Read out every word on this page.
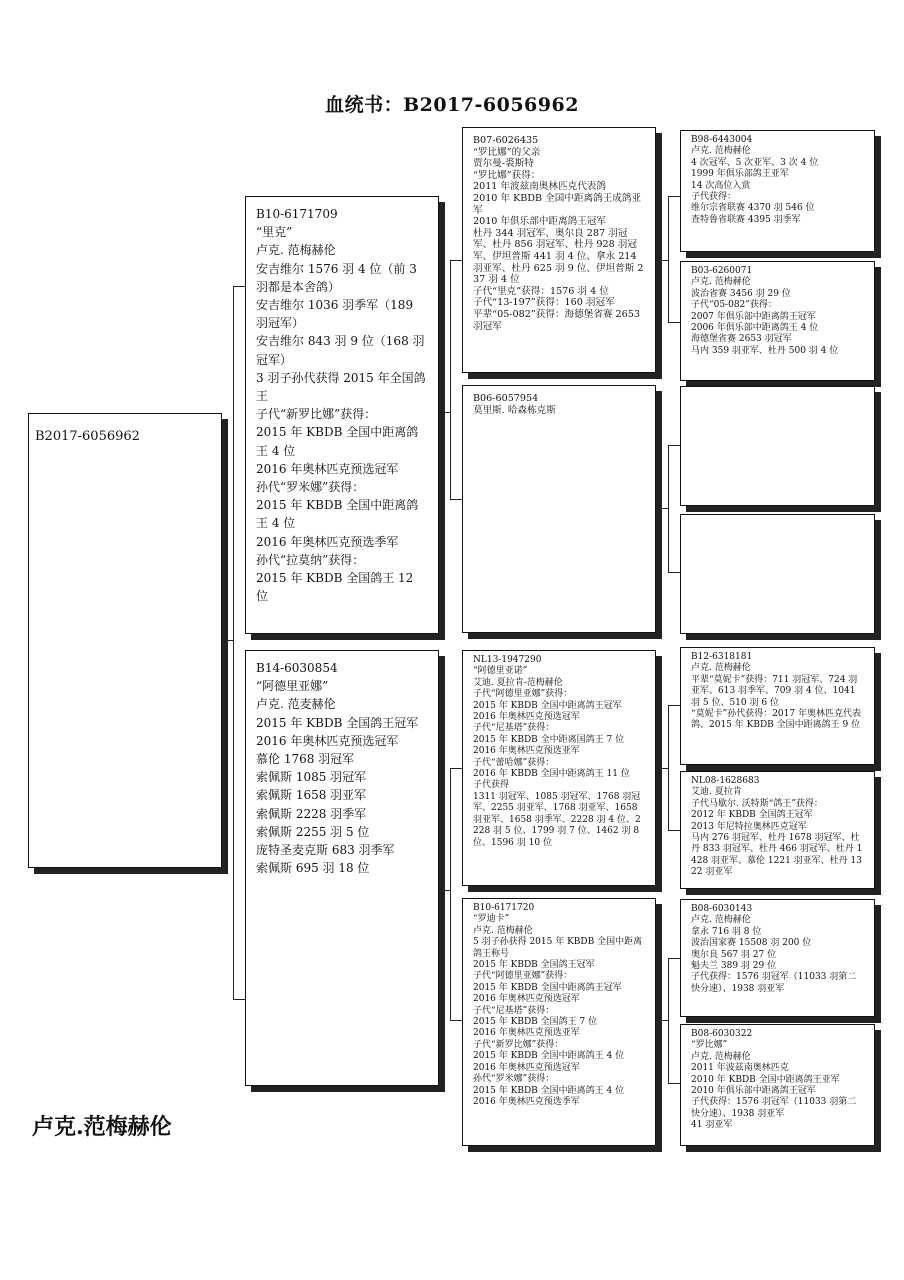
血统书：B2017-6056962
B2017-6056962
B10-6171709
“里克”
卢克. 范梅赫伦
安吉维尔 1576 羽 4 位（前 3 羽都是本舍鸽）
安吉维尔 1036 羽季军（189 羽冠军）
安吉维尔 843 羽 9 位（168 羽冠军）
3 羽子孙代获得 2015 年全国鸽王
子代“新罗比娜”获得：
2015 年 KBDB 全国中距离鸽王 4 位
2016 年奥林匹克预选冠军
孙代“罗米娜”获得：
2015 年 KBDB 全国中距离鸽王 4 位
2016 年奥林匹克预选季军
孙代“拉莫纳”获得：
2015 年 KBDB 全国鸽王 12 位
B14-6030854
“阿德里亚娜”
卢克. 范麦赫伦
2015 年 KBDB 全国鸽王冠军
2016 年奥林匹克预选冠军
慕伦 1768 羽冠军
索佩斯 1085 羽冠军
索佩斯 1658 羽亚军
索佩斯 2228 羽季军
索佩斯 2255 羽 5 位
庞特圣麦克斯 683 羽季军
索佩斯 695 羽 18 位
B07-6026435
“罗比娜”的父亲
贾尔曼-裘斯特
“罗比娜”获得：
2011 年波兹南奥林匹克代表鸽
2010 年 KBDB 全国中距离鸽王成鸽亚军
2010 年俱乐部中距离鸽王冠军
杜丹 344 羽冠军、奥尔良 287 羽冠军、杜丹 856 羽冠军、杜丹 928 羽冠军、伊坦普斯 441 羽 4 位、拿永 214 羽亚军、杜丹 625 羽 9 位、伊坦普斯 237 羽 4 位
子代“里克”获得：1576 羽 4 位
子代“13-197”获得：160 羽冠军
平辈“05-082”获得：海德堡省赛 2653 羽冠军
B06-6057954
莫里斯. 哈森栋克斯
NL13-1947290
“阿德里亚诺”
艾迪. 夏拉肯-范梅赫伦
子代“阿德里亚娜”获得：
2015 年 KBDB 全国中距离鸽王冠军
2016 年奥林匹克预选冠军
子代“尼基塔”获得：
2015 年 KBDB 全中距离国鸽王 7 位
2016 年奥林匹克预选亚军
子代“蕾哈娜”获得：
2016 年 KBDB 全国中距离鸽王 11 位
子代获得
1311 羽冠军、1085 羽冠军、1768 羽冠军、2255 羽亚军、1768 羽亚军、1658 羽亚军、1658 羽季军、2228 羽 4 位、2228 羽 5 位、1799 羽 7 位、1462 羽 8 位、1596 羽 10 位
B10-6171720
“罗迪卡”
卢克. 范梅赫伦
5 羽子孙获得 2015 年 KBDB 全国中距离鸽王称号
2015 年 KBDB 全国鸽王冠军
子代“阿德里亚娜”获得：
2015 年 KBDB 全国中距离鸽王冠军
2016 年奥林匹克预选冠军
子代“尼基塔”获得：
2015 年 KBDB 全国鸽王 7 位
2016 年奥林匹克预选亚军
子代“新罗比娜”获得：
2015 年 KBDB 全国中距离鸽王 4 位
2016 年奥林匹克预选冠军
孙代“罗米娜”获得：
2015 年 KBDB 全国中距离鸽王 4 位
2016 年奥林匹克预选季军
B98-6443004
卢克. 范梅赫伦
4 次冠军、5 次亚军、3 次 4 位
1999 年俱乐部鸽王亚军
14 次高位入赏
子代获得：
维尔宗省联赛 4370 羽 546 位
查特鲁省联赛 4395 羽季军
B03-6260071
卢克. 范梅赫伦
波治省赛 3456 羽 29 位
子代“05-082”获得：
2007 年俱乐部中距离鸽王冠军
2006 年俱乐部中距离鸽王 4 位
海德堡省赛 2653 羽冠军
马内 359 羽亚军、杜丹 500 羽 4 位
B12-6318181
卢克. 范梅赫伦
平辈“莫妮卡”获得：711 羽冠军、724 羽亚军、613 羽季军、709 羽 4 位、1041 羽 5 位、510 羽 6 位
“莫妮卡”孙代获得：2017 年奥林匹克代表鸽、2015 年 KBDB 全国中距离鸽王 9 位
NL08-1628683
艾迪. 夏拉肯
子代马歇尔. 沃特斯“鸽王”获得：
2012 年 KBDB 全国鸽王冠军
2013 年尼特拉奥林匹克冠军
马内 276 羽冠军、杜丹 1678 羽冠军、杜丹 833 羽冠军、杜丹 466 羽冠军、杜丹 1428 羽亚军、慕伦 1221 羽亚军、杜丹 1322 羽亚军
B08-6030143
卢克. 范梅赫伦
拿永 716 羽 8 位
波治国家赛 15508 羽 200 位
奥尔良 567 羽 27 位
魁夫兰 389 羽 29 位
子代获得：1576 羽冠军（11033 羽第二快分速）、1938 羽亚军
B08-6030322
“罗比娜”
卢克. 范梅赫伦
2011 年波兹南奥林匹克
2010 年 KBDB 全国中距离鸽王亚军
2010 年俱乐部中距离鸽王冠军
子代获得：1576 羽冠军（11033 羽第二快分速）、1938 羽亚军
41 羽亚军
卢克.范梅赫伦
